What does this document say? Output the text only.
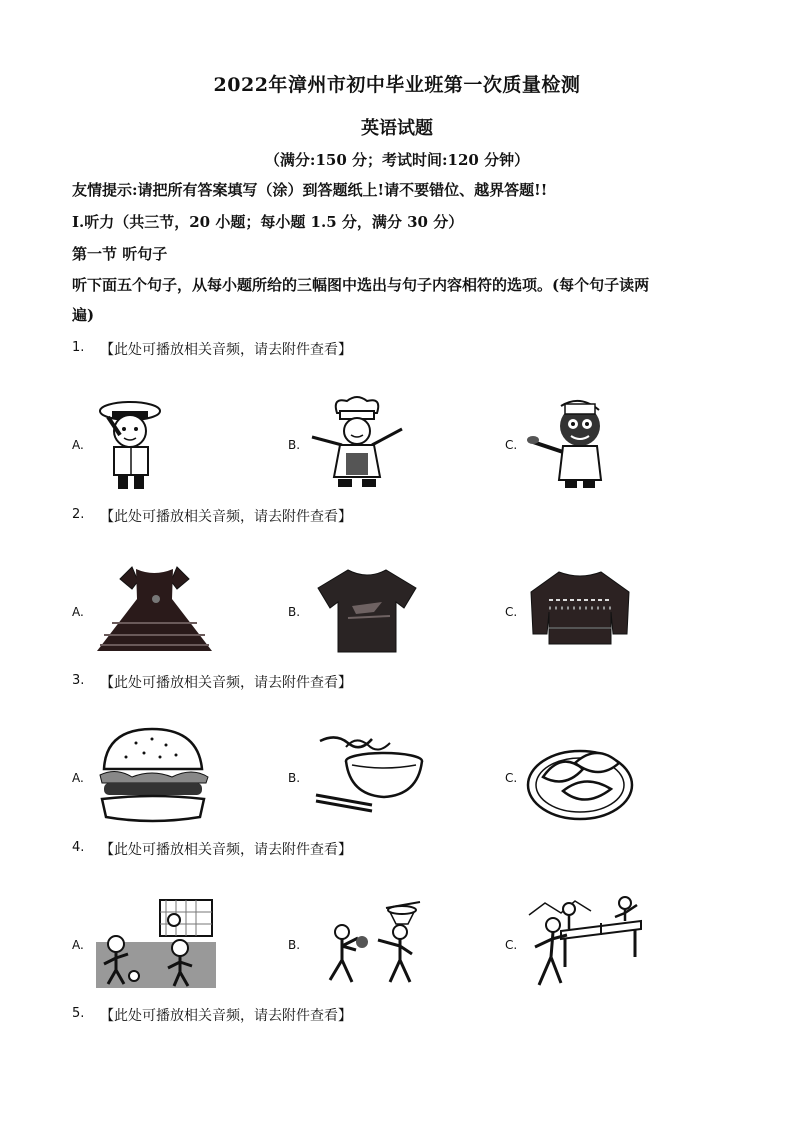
2022年漳州市初中毕业班第一次质量检测
英语试题
（满分:150 分；考试时间:120 分钟）
友情提示:请把所有答案填写（涂）到答题纸上!请不要错位、越界答题!!
I.听力（共三节，20 小题；每小题 1.5 分，满分 30 分）
第一节 听句子
听下面五个句子，从每小题所给的三幅图中选出与句子内容相符的选项。(每个句子读两
遍)
1. 【此处可播放相关音频，请去附件查看】
A.	B.	C.
2. 【此处可播放相关音频，请去附件查看】
A.	B.	C.
3. 【此处可播放相关音频，请去附件查看】
A.	B.	C.
4. 【此处可播放相关音频，请去附件查看】
A.	B.	C.
5. 【此处可播放相关音频，请去附件查看】
